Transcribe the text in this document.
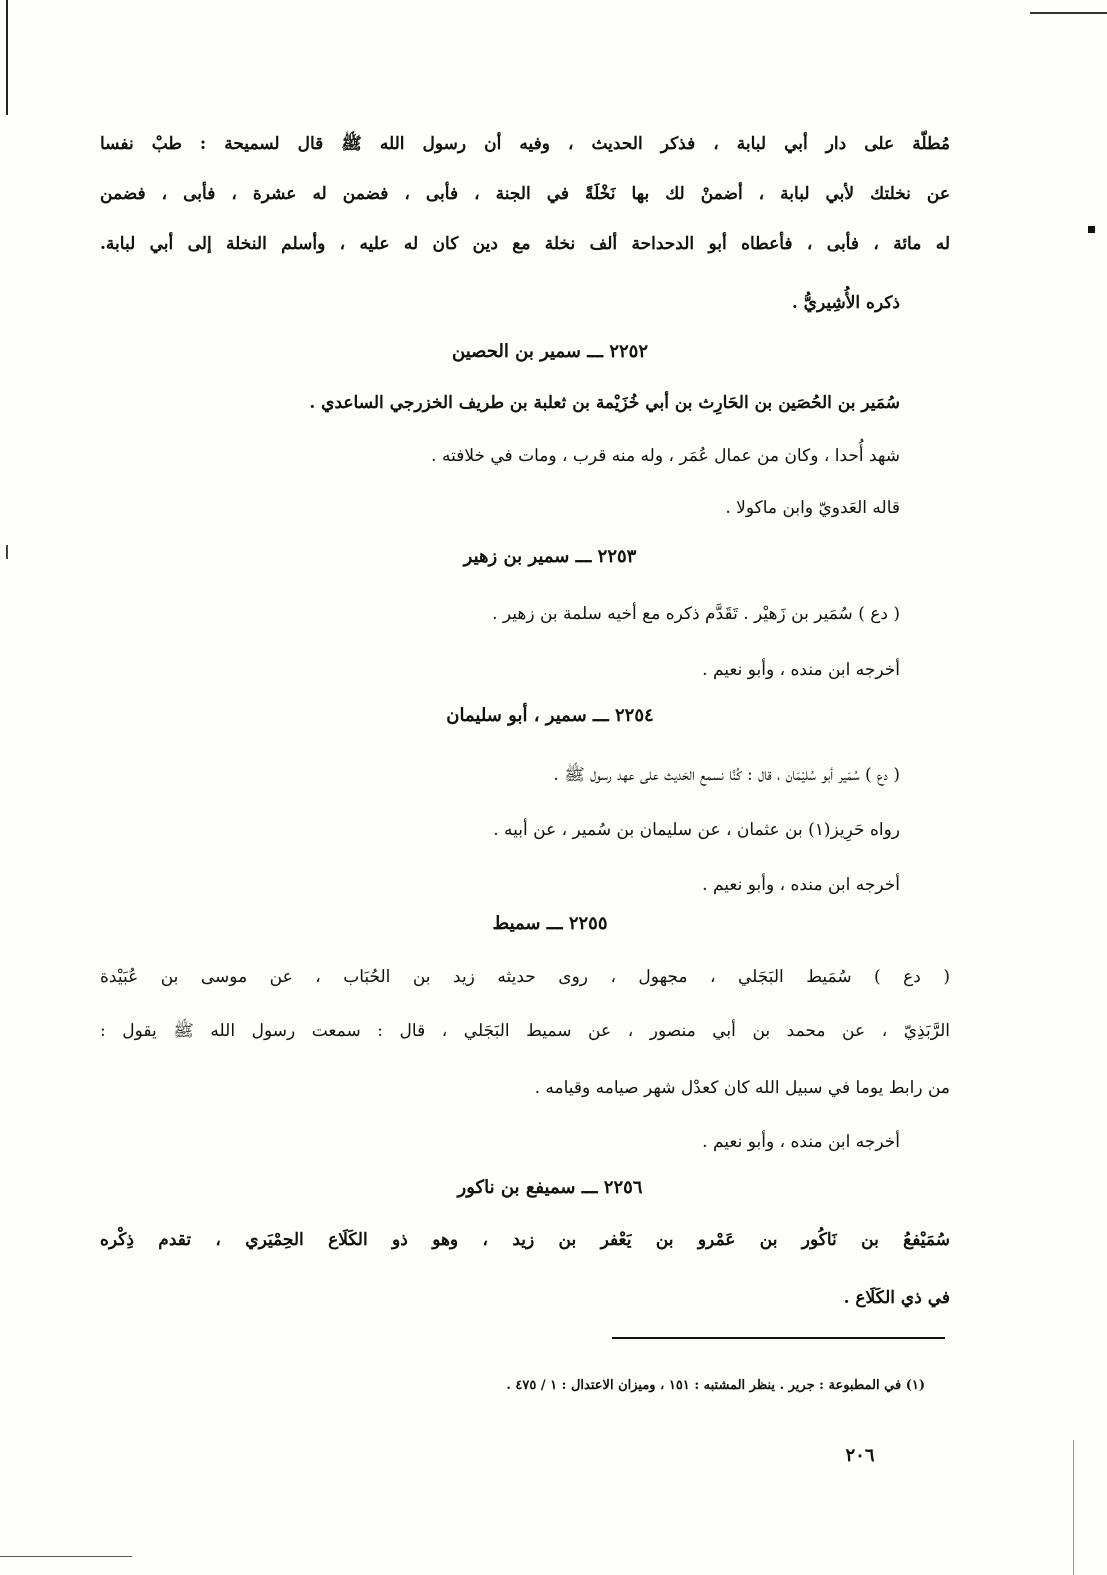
مُطلّة على دار أبي لبابة ، فذكر الحديث ، وفيه أن رسول الله ﷺ قال لسميحة : طبْ نفسا
عن نخلتك لأبي لبابة ، أضمنْ لك بها نَخْلَةً في الجنة ، فأبى ، فضمن له عشرة ، فأبى ، فضمن
له مائة ، فأبى ، فأعطاه أبو الدحداحة ألف نخلة مع دين كان له عليه ، وأسلم النخلة إلى أبي لبابة.
ذكره الأُشِيريُّ .
٢٢٥٢ ـــ سمير بن الحصين
سُمَير بن الحُصَين بن الحَارِث بن أبي خُزَيْمة بن ثعلبة بن طريف الخزرجي الساعدي .
شهد أُحدا ، وكان من عمال عُمَر ، وله منه قرب ، ومات في خلافته .
قاله العَدويّ وابن ماكولا .
٢٢٥٣ ـــ سمير بن زهير
( دع ) سُمَير بن زَهيْر . تَقَدَّم ذكره مع أخيه سلمة بن زهير .
أخرجه ابن منده ، وأبو نعيم .
٢٢٥٤ ـــ سمير ، أبو سليمان
( دع ) سُمَير أبو سُليْمَان ، قال : كُنَّا نسمع الحَديث على عهد رسول ﷺ .
رواه حَرِيز(١) بن عثمان ، عن سليمان بن سُمير ، عن أبيه .
أخرجه ابن منده ، وأبو نعيم .
٢٢٥٥ ـــ سميط
( دع ) سُمَيط البَجَلي ، مجهول ، روى حديثه زيد بن الحُبَاب ، عن موسى بن عُبَيْدة
الرَّبَذِيّ ، عن محمد بن أبي منصور ، عن سميط البَجَلي ، قال : سمعت رسول الله ﷺ يقول :
من رابط يوما في سبيل الله كان كعدْل شهر صيامه وقيامه .
أخرجه ابن منده ، وأبو نعيم .
٢٢٥٦ ـــ سميفع بن ناكور
سُمَيْفعُ بن نَاكُور بن عَمْرو بن يَعْفر بن زيد ، وهو ذو الكَلَاع الحِمْيَري ، تقدم ذِكْره
في ذي الكَلَاع .
(١) في المطبوعة : جرير . ينظر المشتبه : ١٥١ ، وميزان الاعتدال : ١ / ٤٧٥ .
٢٠٦
